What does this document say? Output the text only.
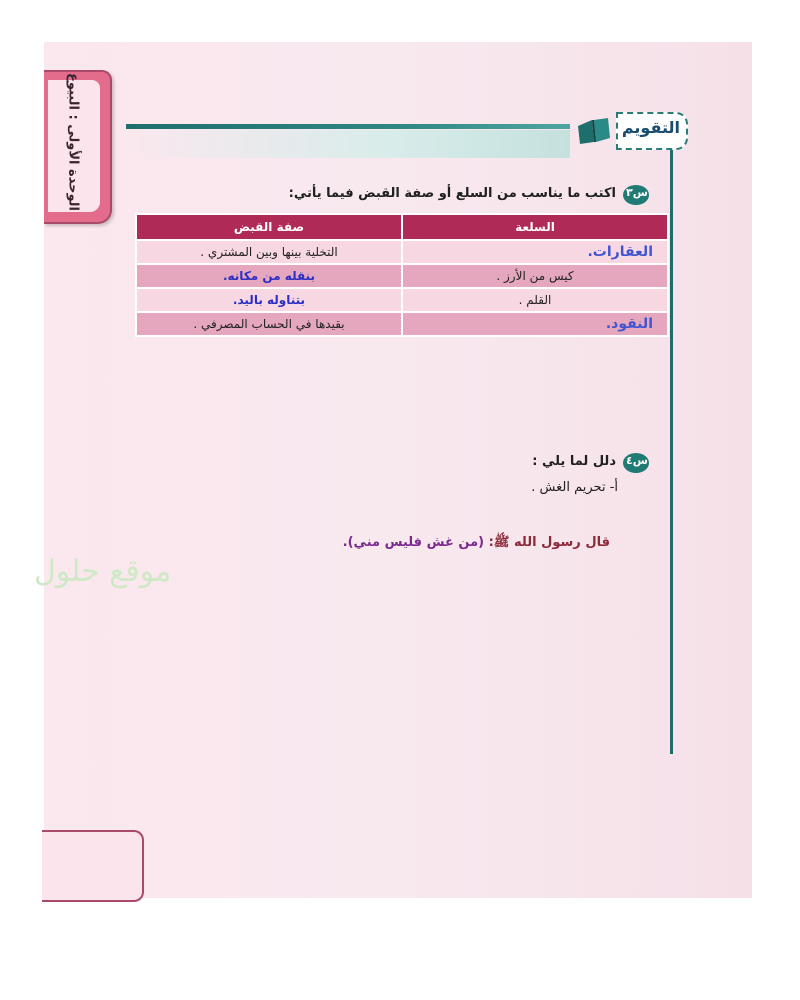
الوحدة الأولى : البيوع	التقويم
س٣
اكتب ما يناسب من السلع أو صفة القبض فيما يأتي:
السلعة	صفة القبض
العقارات.	التخلية بينها وبين المشتري .
كيس من الأرز .	بنقله من مكانه.
القلم .	بتناوله باليد.
النقود.	بقيدها في الحساب المصرفي .
س٤
دلل لما يلي :
أ- تحريم الغش .
قال رسول الله ﷺ: (من غش فليس مني).
موقع حلول
